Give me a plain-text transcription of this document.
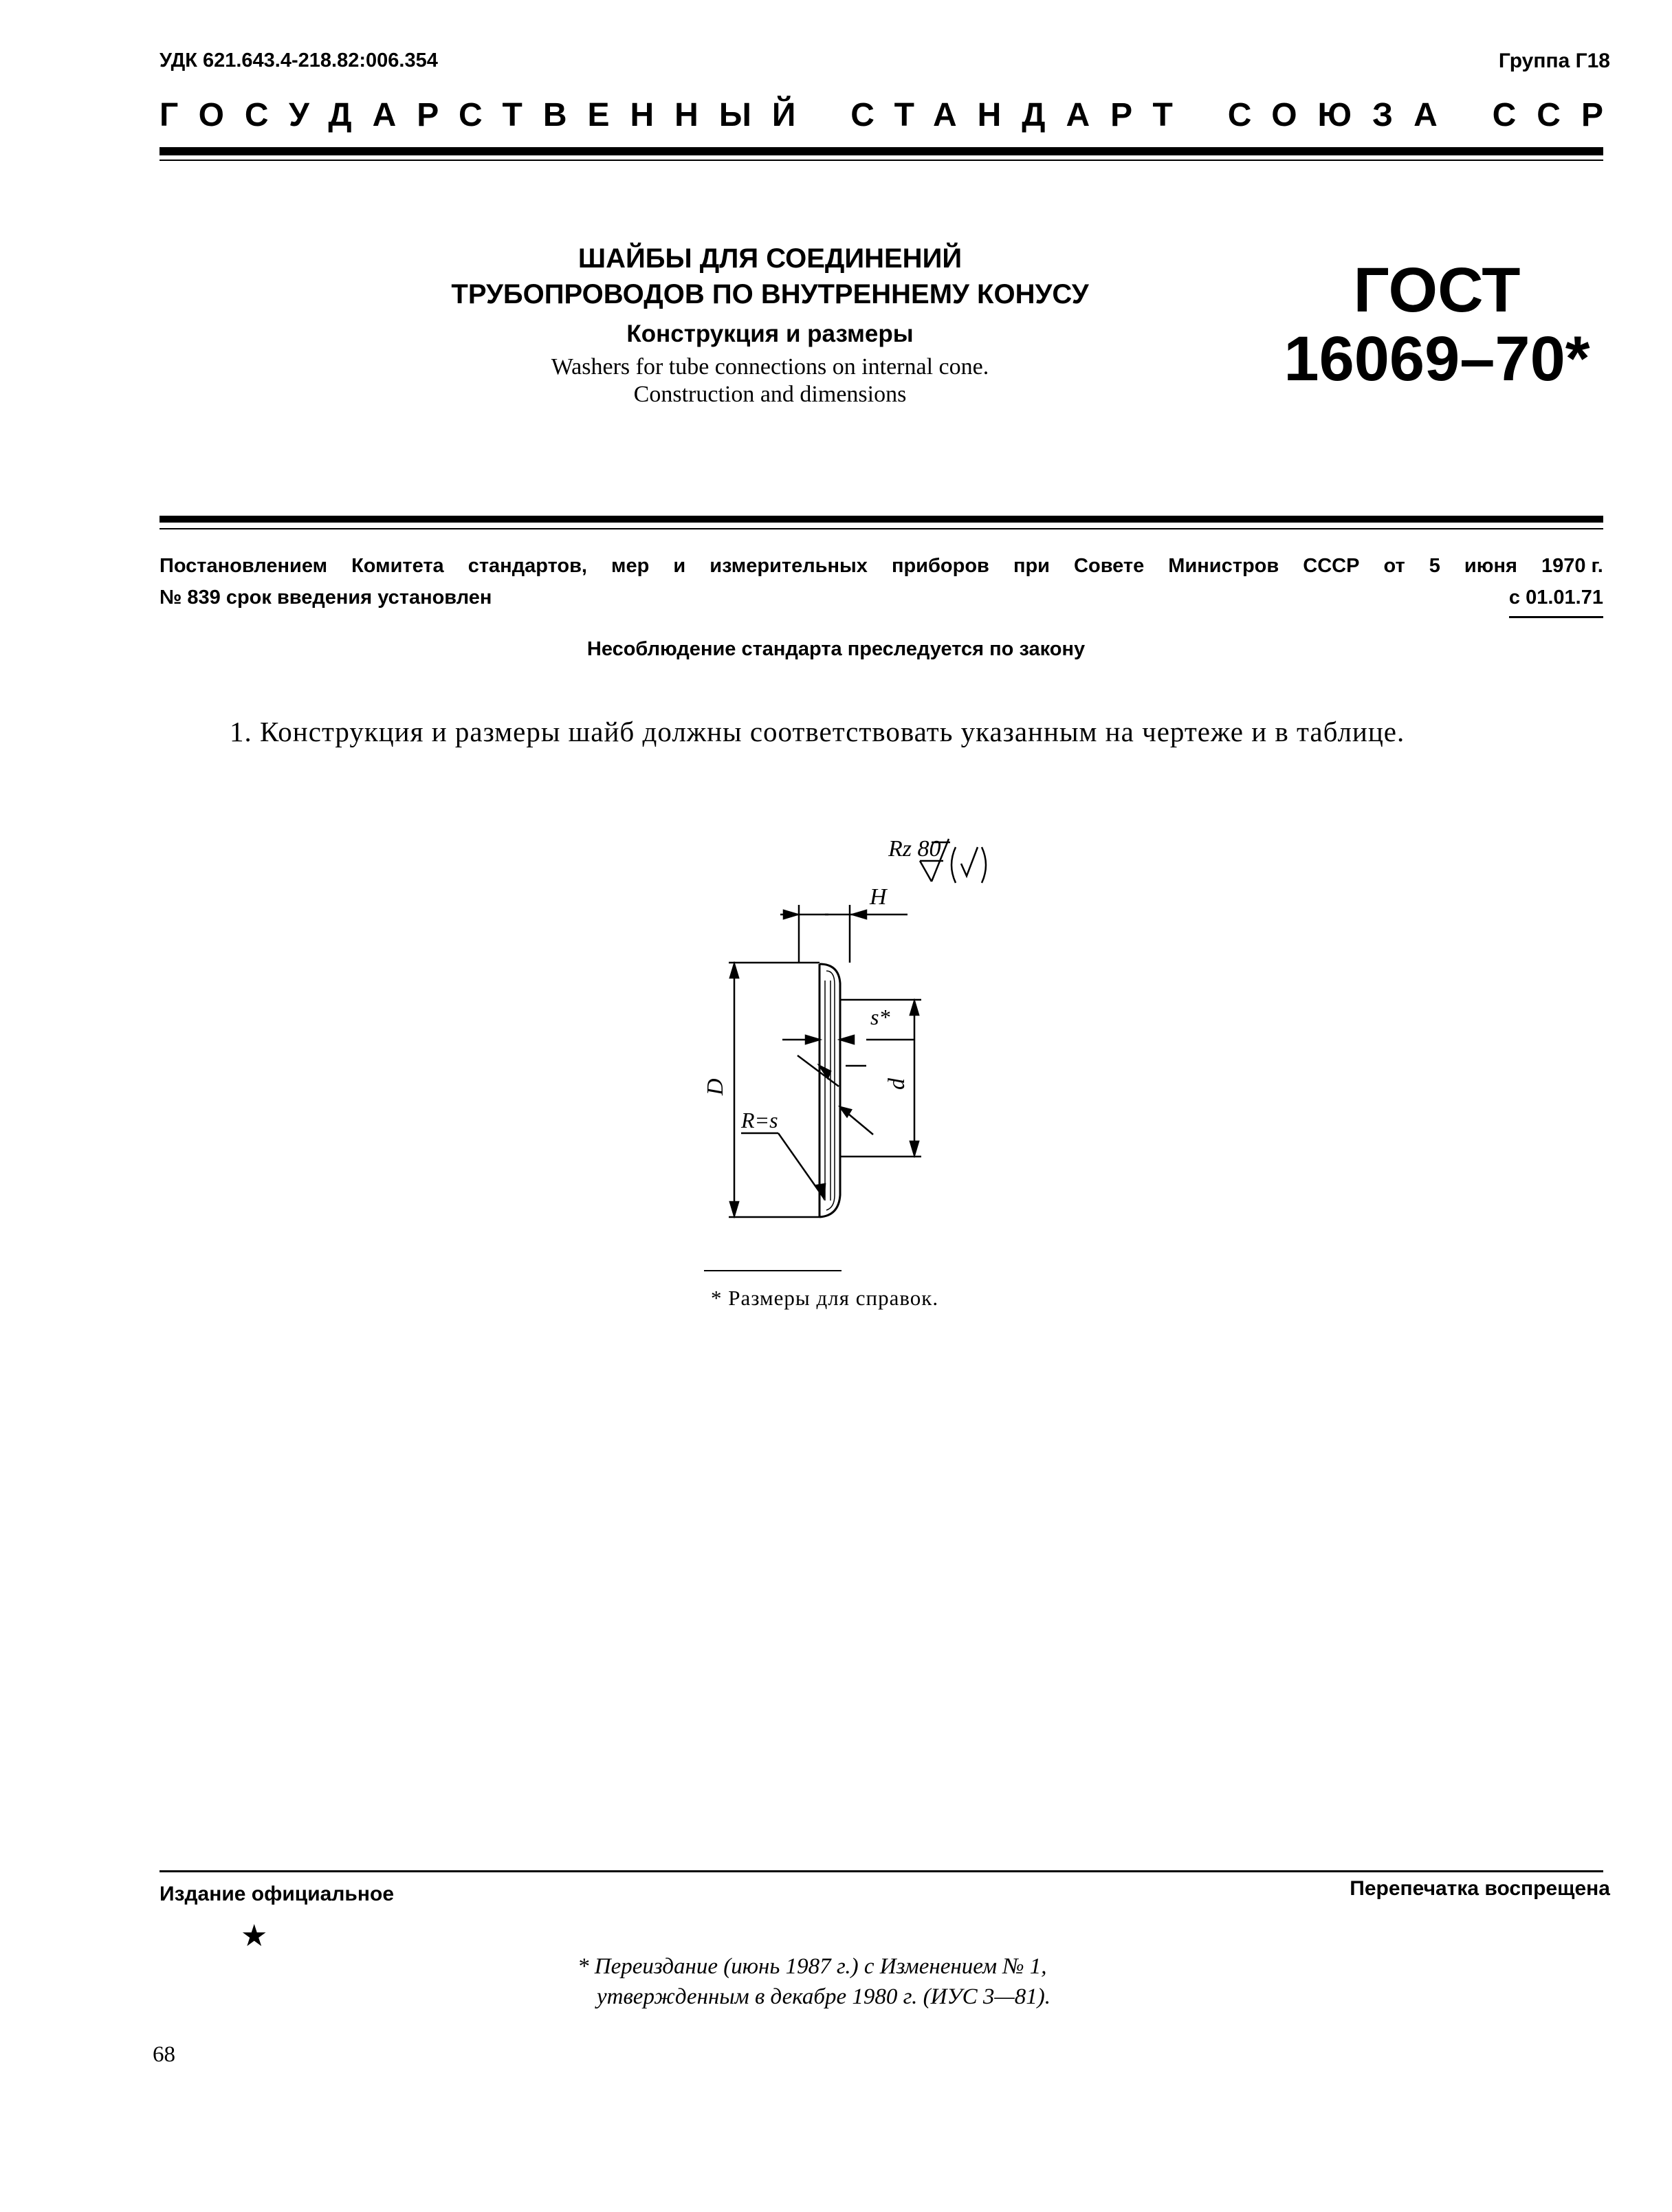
УДК 621.643.4-218.82:006.354	Группа Г18
ГОСУДАРСТВЕННЫЙ СТАНДАРТ СОЮЗА ССР
ШАЙБЫ ДЛЯ СОЕДИНЕНИЙ
ТРУБОПРОВОДОВ ПО ВНУТРЕННЕМУ КОНУСУ
Конструкция и размеры
Washers for tube connections on internal cone.
Construction and dimensions
ГОСТ
16069–70*
Постановлением Комитета стандартов, мер и измерительных приборов при Совете Министров СССР от 5 июня 1970 г.
№ 839 срок введения установлен	с 01.01.71
Несоблюдение стандарта преследуется по закону
1. Конструкция и размеры шайб должны соответствовать указанным на чертеже и в таблице.
Rz 80
H
D
s*
d
R=s
* Размеры для справок.
Издание официальное	Перепечатка воспрещена
★
* Переиздание (июнь 1987 г.) с Изменением № 1,
утвержденным в декабре 1980 г. (ИУС 3—81).
68
